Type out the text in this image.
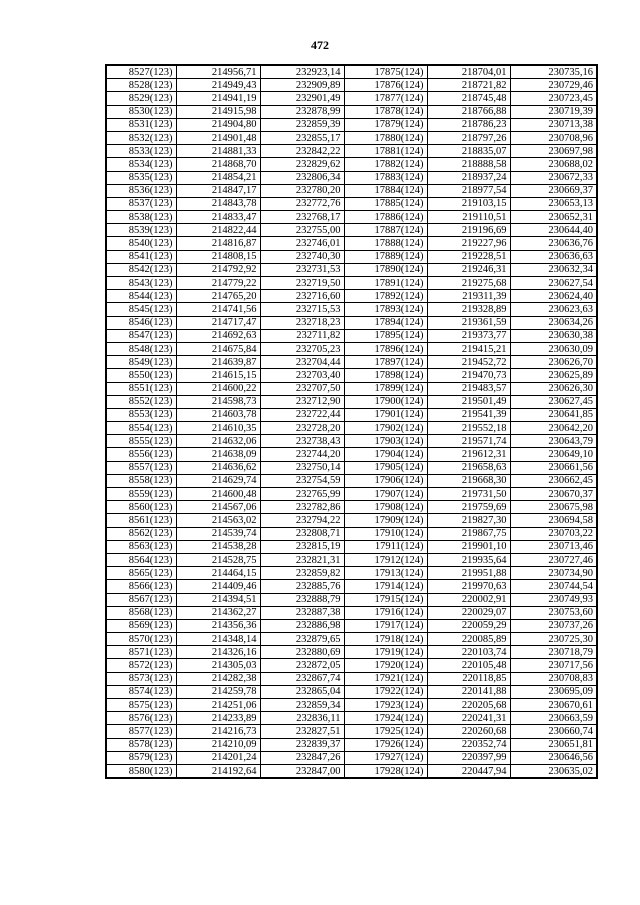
472
8527(123)	214956,71	232923,14	17875(124)	218704,01	230735,16
8528(123)	214949,43	232909,89	17876(124)	218721,82	230729,46
8529(123)	214941,19	232901,49	17877(124)	218745,48	230723,45
8530(123)	214915,98	232878,99	17878(124)	218766,88	230719,39
8531(123)	214904,80	232859,39	17879(124)	218786,23	230713,38
8532(123)	214901,48	232855,17	17880(124)	218797,26	230708,96
8533(123)	214881,33	232842,22	17881(124)	218835,07	230697,98
8534(123)	214868,70	232829,62	17882(124)	218888,58	230688,02
8535(123)	214854,21	232806,34	17883(124)	218937,24	230672,33
8536(123)	214847,17	232780,20	17884(124)	218977,54	230669,37
8537(123)	214843,78	232772,76	17885(124)	219103,15	230653,13
8538(123)	214833,47	232768,17	17886(124)	219110,51	230652,31
8539(123)	214822,44	232755,00	17887(124)	219196,69	230644,40
8540(123)	214816,87	232746,01	17888(124)	219227,96	230636,76
8541(123)	214808,15	232740,30	17889(124)	219228,51	230636,63
8542(123)	214792,92	232731,53	17890(124)	219246,31	230632,34
8543(123)	214779,22	232719,50	17891(124)	219275,68	230627,54
8544(123)	214765,20	232716,60	17892(124)	219311,39	230624,40
8545(123)	214741,56	232715,53	17893(124)	219328,89	230623,63
8546(123)	214717,47	232718,23	17894(124)	219361,59	230634,26
8547(123)	214692,63	232711,82	17895(124)	219373,77	230630,38
8548(123)	214675,84	232705,23	17896(124)	219415,21	230630,09
8549(123)	214639,87	232704,44	17897(124)	219452,72	230626,70
8550(123)	214615,15	232703,40	17898(124)	219470,73	230625,89
8551(123)	214600,22	232707,50	17899(124)	219483,57	230626,30
8552(123)	214598,73	232712,90	17900(124)	219501,49	230627,45
8553(123)	214603,78	232722,44	17901(124)	219541,39	230641,85
8554(123)	214610,35	232728,20	17902(124)	219552,18	230642,20
8555(123)	214632,06	232738,43	17903(124)	219571,74	230643,79
8556(123)	214638,09	232744,20	17904(124)	219612,31	230649,10
8557(123)	214636,62	232750,14	17905(124)	219658,63	230661,56
8558(123)	214629,74	232754,59	17906(124)	219668,30	230662,45
8559(123)	214600,48	232765,99	17907(124)	219731,50	230670,37
8560(123)	214567,06	232782,86	17908(124)	219759,69	230675,98
8561(123)	214563,02	232794,22	17909(124)	219827,30	230694,58
8562(123)	214539,74	232808,71	17910(124)	219867,75	230703,22
8563(123)	214538,28	232815,19	17911(124)	219901,10	230713,46
8564(123)	214528,75	232821,31	17912(124)	219935,64	230727,46
8565(123)	214464,15	232859,82	17913(124)	219951,88	230734,90
8566(123)	214409,46	232885,76	17914(124)	219970,63	230744,54
8567(123)	214394,51	232888,79	17915(124)	220002,91	230749,93
8568(123)	214362,27	232887,38	17916(124)	220029,07	230753,60
8569(123)	214356,36	232886,98	17917(124)	220059,29	230737,26
8570(123)	214348,14	232879,65	17918(124)	220085,89	230725,30
8571(123)	214326,16	232880,69	17919(124)	220103,74	230718,79
8572(123)	214305,03	232872,05	17920(124)	220105,48	230717,56
8573(123)	214282,38	232867,74	17921(124)	220118,85	230708,83
8574(123)	214259,78	232865,04	17922(124)	220141,88	230695,09
8575(123)	214251,06	232859,34	17923(124)	220205,68	230670,61
8576(123)	214233,89	232836,11	17924(124)	220241,31	230663,59
8577(123)	214216,73	232827,51	17925(124)	220260,68	230660,74
8578(123)	214210,09	232839,37	17926(124)	220352,74	230651,81
8579(123)	214201,24	232847,26	17927(124)	220397,99	230646,56
8580(123)	214192,64	232847,00	17928(124)	220447,94	230635,02
